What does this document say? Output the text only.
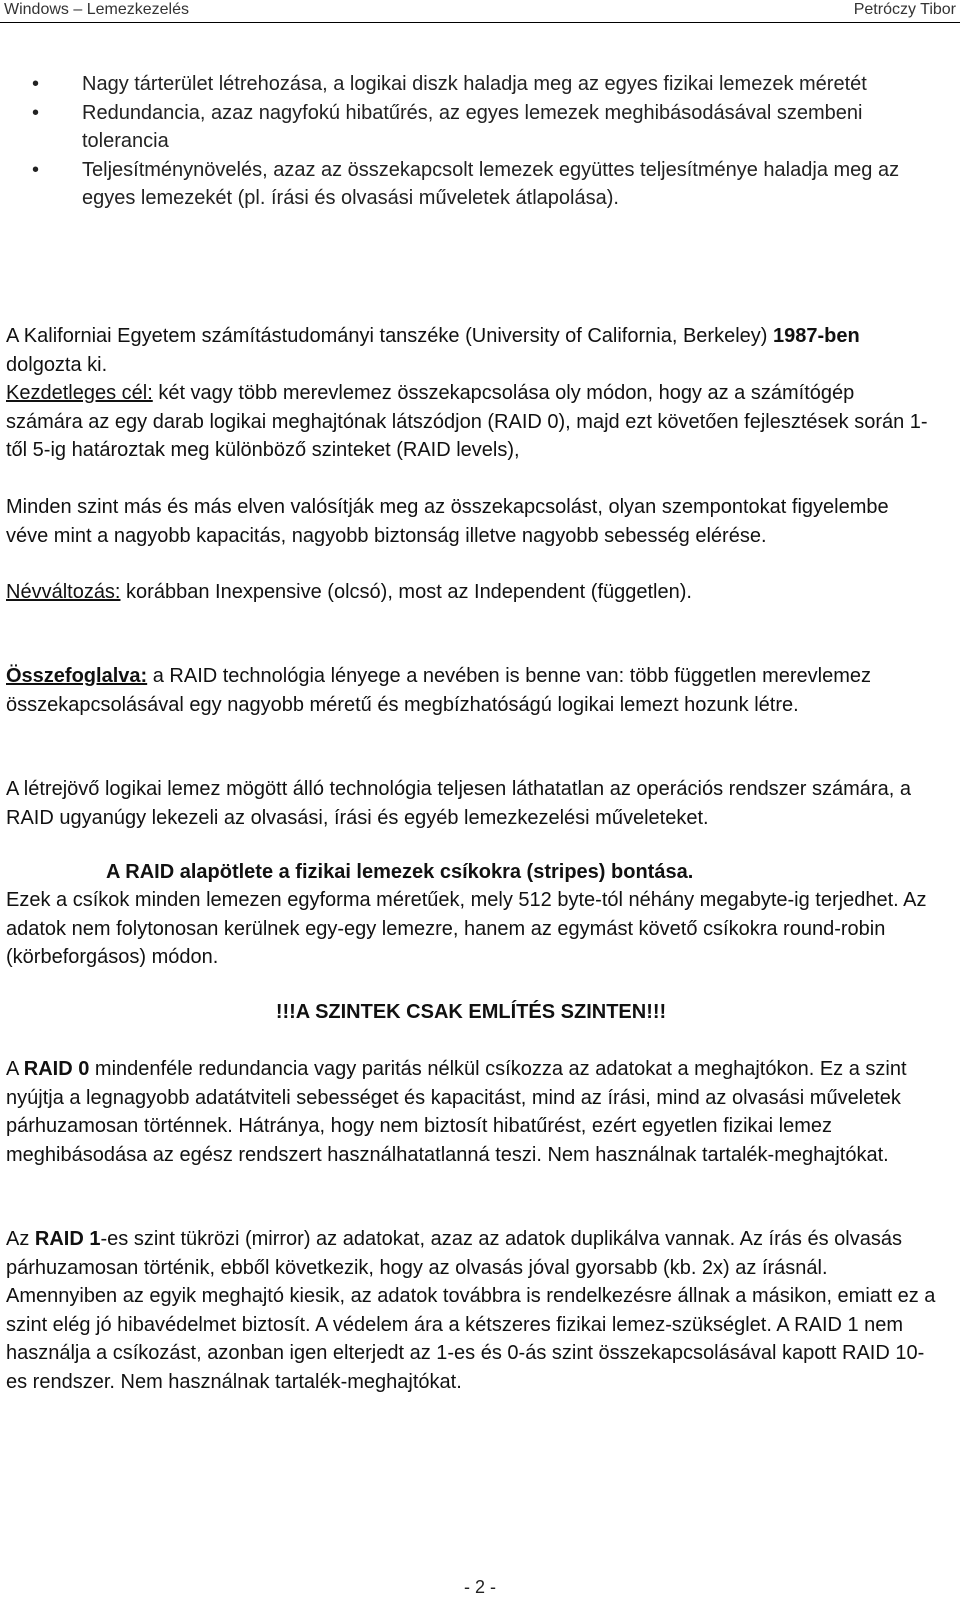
Windows – Lemezkezelés	Petróczy Tibor
• Nagy tárterület létrehozása, a logikai diszk haladja meg az egyes fizikai lemezek méretét
• Redundancia, azaz nagyfokú hibatűrés, az egyes lemezek meghibásodásával szembeni tolerancia
• Teljesítménynövelés, azaz az összekapcsolt lemezek együttes teljesítménye haladja meg az egyes lemezekét (pl. írási és olvasási műveletek átlapolása).

A Kaliforniai Egyetem számítástudományi tanszéke (University of California, Berkeley) 1987-ben dolgozta ki.

Kezdetleges cél: két vagy több merevlemez összekapcsolása oly módon, hogy az a számítógép számára az egy darab logikai meghajtónak látszódjon (RAID 0), majd ezt követően fejlesztések során 1-től 5-ig határoztak meg különböző szinteket (RAID levels),

Minden szint más és más elven valósítják meg az összekapcsolást, olyan szempontokat figyelembe véve mint a nagyobb kapacitás, nagyobb biztonság illetve nagyobb sebesség elérése.

Névváltozás: korábban Inexpensive (olcsó), most az Independent (független).

Összefoglalva: a RAID technológia lényege a nevében is benne van: több független merevlemez összekapcsolásával egy nagyobb méretű és megbízhatóságú logikai lemezt hozunk létre.

A létrejövő logikai lemez mögött álló technológia teljesen láthatatlan az operációs rendszer számára, a RAID ugyanúgy lekezeli az olvasási, írási és egyéb lemezkezelési műveleteket.

A RAID alapötlete a fizikai lemezek csíkokra (stripes) bontása.

Ezek a csíkok minden lemezen egyforma méretűek, mely 512 byte-tól néhány megabyte-ig terjedhet. Az adatok nem folytonosan kerülnek egy-egy lemezre, hanem az egymást követő csíkokra round-robin (körbeforgásos) módon.

!!!A SZINTEK CSAK EMLÍTÉS SZINTEN!!!

A RAID 0 mindenféle redundancia vagy paritás nélkül csíkozza az adatokat a meghajtókon. Ez a szint nyújtja a legnagyobb adatátviteli sebességet és kapacitást, mind az írási, mind az olvasási műveletek párhuzamosan történnek. Hátránya, hogy nem biztosít hibatűrést, ezért egyetlen fizikai lemez meghibásodása az egész rendszert használhatatlanná teszi. Nem használnak tartalék-meghajtókat.

Az RAID 1-es szint tükrözi (mirror) az adatokat, azaz az adatok duplikálva vannak. Az írás és olvasás párhuzamosan történik, ebből következik, hogy az olvasás jóval gyorsabb (kb. 2x) az írásnál. Amennyiben az egyik meghajtó kiesik, az adatok továbbra is rendelkezésre állnak a másikon, emiatt ez a szint elég jó hibavédelmet biztosít. A védelem ára a kétszeres fizikai lemez-szükséglet. A RAID 1 nem használja a csíkozást, azonban igen elterjedt az 1-es és 0-ás szint összekapcsolásával kapott RAID 10-es rendszer. Nem használnak tartalék-meghajtókat.

- 2 -
